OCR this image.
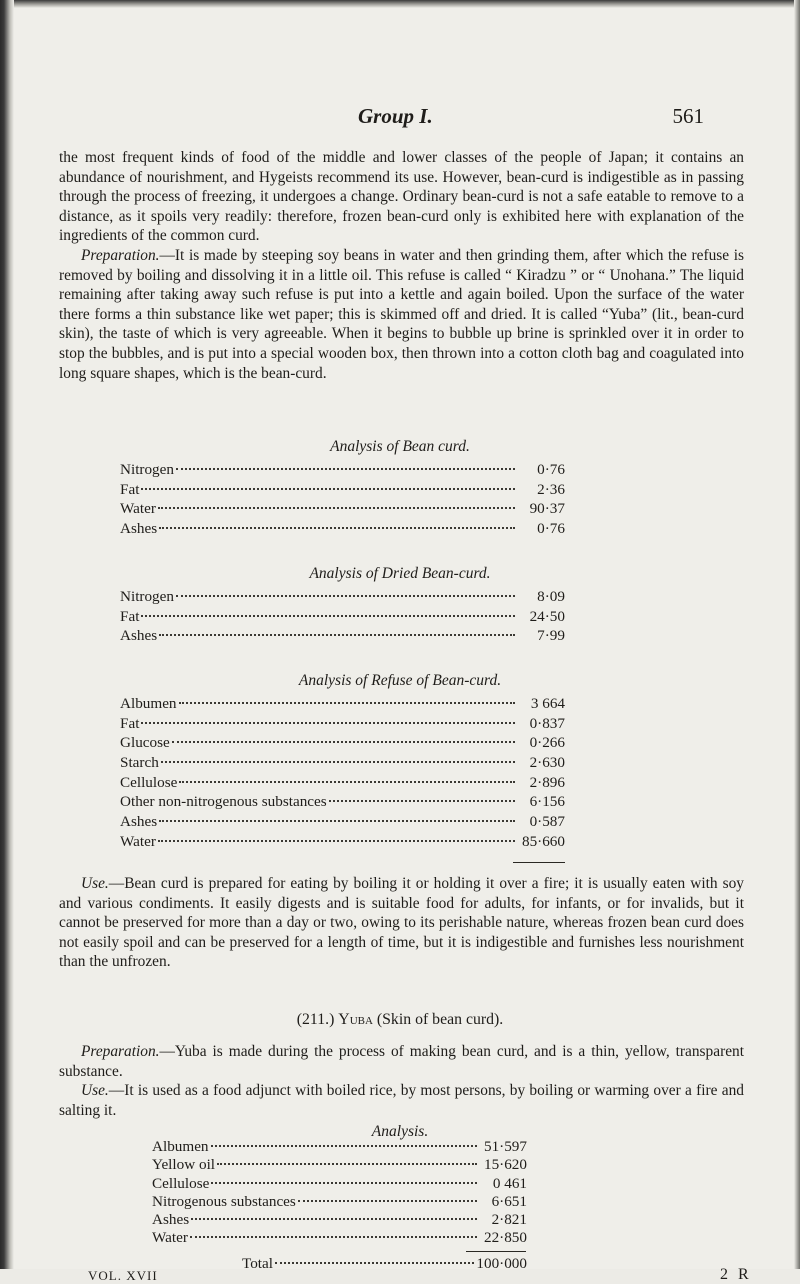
Group I.	561

the most frequent kinds of food of the middle and lower classes of the people of Japan; it contains an abundance of nourishment, and Hygeists recommend its use. However, bean-curd is indigestible as in passing through the process of freezing, it undergoes a change. Ordinary bean-curd is not a safe eatable to remove to a distance, as it spoils very readily: therefore, frozen bean-curd only is exhibited here with explanation of the ingredients of the common curd.

Preparation.—It is made by steeping soy beans in water and then grinding them, after which the refuse is removed by boiling and dissolving it in a little oil. This refuse is called “ Kiradzu ” or “ Unohana.” The liquid remaining after taking away such refuse is put into a kettle and again boiled. Upon the surface of the water there forms a thin substance like wet paper; this is skimmed off and dried. It is called “Yuba” (lit., bean-curd skin), the taste of which is very agreeable. When it begins to bubble up brine is sprinkled over it in order to stop the bubbles, and is put into a special wooden box, then thrown into a cotton cloth bag and coagulated into long square shapes, which is the bean-curd.

Analysis of Bean curd.
Nitrogen	0·76
Fat	2·36
Water	90·37
Ashes	0·76
Analysis of Dried Bean-curd.
Nitrogen	8·09
Fat	24·50
Ashes	7·99
Analysis of Refuse of Bean-curd.
Albumen	3 664
Fat	0·837
Glucose	0·266
Starch	2·630
Cellulose	2·896
Other non-nitrogenous substances	6·156
Ashes	0·587
Water	85·660

Use.—Bean curd is prepared for eating by boiling it or holding it over a fire; it is usually eaten with soy and various condiments. It easily digests and is suitable food for adults, for infants, or for invalids, but it cannot be preserved for more than a day or two, owing to its perishable nature, whereas frozen bean curd does not easily spoil and can be preserved for a length of time, but it is indigestible and furnishes less nourishment than the unfrozen.

(211.) Yuba (Skin of bean curd).

Preparation.—Yuba is made during the process of making bean curd, and is a thin, yellow, transparent substance.

Use.—It is used as a food adjunct with boiled rice, by most persons, by boiling or warming over a fire and salting it.

Analysis.
Albumen	51·597
Yellow oil	15·620
Cellulose	0 461
Nitrogenous substances	6·651
Ashes	2·821
Water	22·850
VOL. XVII	2 R
Total	100·000
